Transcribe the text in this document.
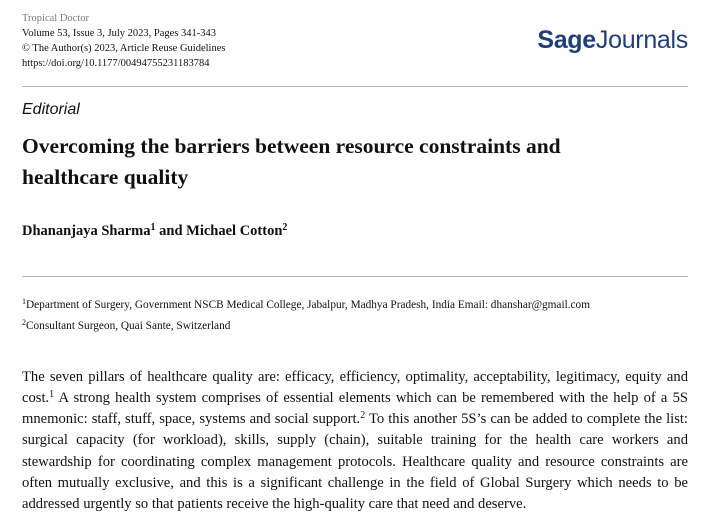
Tropical Doctor
Volume 53, Issue 3, July 2023, Pages 341-343
© The Author(s) 2023, Article Reuse Guidelines
https://doi.org/10.1177/00494755231183784
SageJournals
Editorial
Overcoming the barriers between resource constraints and healthcare quality
Dhananjaya Sharma$^1$ and Michael Cotton$^2$
$^1$Department of Surgery, Government NSCB Medical College, Jabalpur, Madhya Pradesh, India Email: dhanshar@gmail.com
$^2$Consultant Surgeon, Quai Sante, Switzerland

The seven pillars of healthcare quality are: efficacy, efficiency, optimality, acceptability, legitimacy, equity and cost.$^1$ A strong health system comprises of essential elements which can be remembered with the help of a 5S mnemonic: staff, stuff, space, systems and social support.$^2$ To this another 5S’s can be added to complete the list: surgical capacity (for workload), skills, supply (chain), suitable training for the health care workers and stewardship for coordinating complex management protocols. Healthcare quality and resource constraints are often mutually exclusive, and this is a significant challenge in the field of Global Surgery which needs to be addressed urgently so that patients receive the high-quality care that need and deserve.
